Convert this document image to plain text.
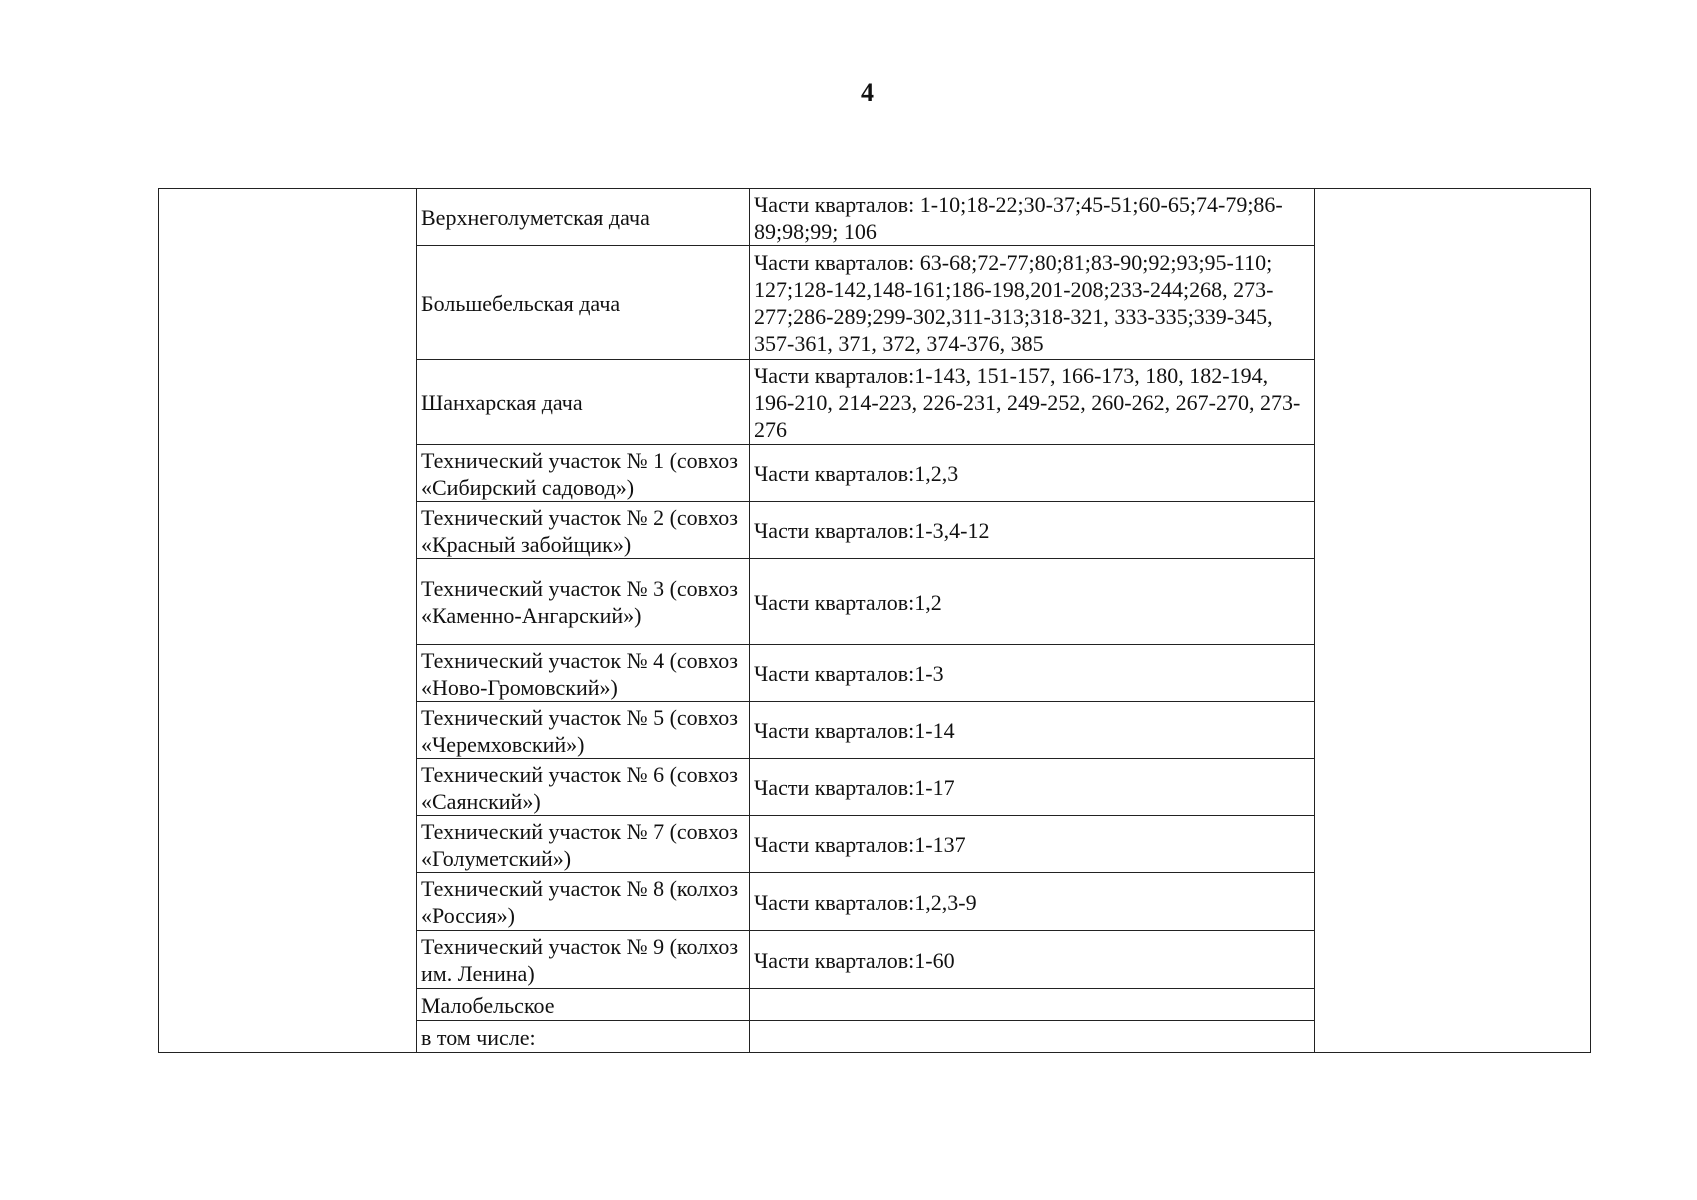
4
	Верхнеголуметская дача	Части кварталов: 1-10;18-22;30-37;45-51;60-65;74-79;86-89;98;99; 106	
	Большебельская дача	Части кварталов: 63-68;72-77;80;81;83-90;92;93;95-110; 127;128-142,148-161;186-198,201-208;233-244;268, 273-277;286-289;299-302,311-313;318-321, 333-335;339-345, 357-361, 371, 372, 374-376, 385	
	Шанхарская дача	Части кварталов:1-143, 151-157, 166-173, 180, 182-194, 196-210, 214-223, 226-231, 249-252, 260-262, 267-270, 273-276	
	Технический участок № 1 (совхоз «Сибирский садовод»)	Части кварталов:1,2,3	
	Технический участок № 2 (совхоз «Красный забойщик»)	Части кварталов:1-3,4-12	
	Технический участок № 3 (совхоз «Каменно-Ангарский»)	Части кварталов:1,2	
	Технический участок № 4 (совхоз «Ново-Громовский»)	Части кварталов:1-3	
	Технический участок № 5 (совхоз «Черемховский»)	Части кварталов:1-14	
	Технический участок № 6 (совхоз «Саянский»)	Части кварталов:1-17	
	Технический участок № 7 (совхоз «Голуметский»)	Части кварталов:1-137	
	Технический участок № 8 (колхоз «Россия»)	Части кварталов:1,2,3-9	
	Технический участок № 9 (колхоз им. Ленина)	Части кварталов:1-60	
	Малобельское		
	в том числе:		
